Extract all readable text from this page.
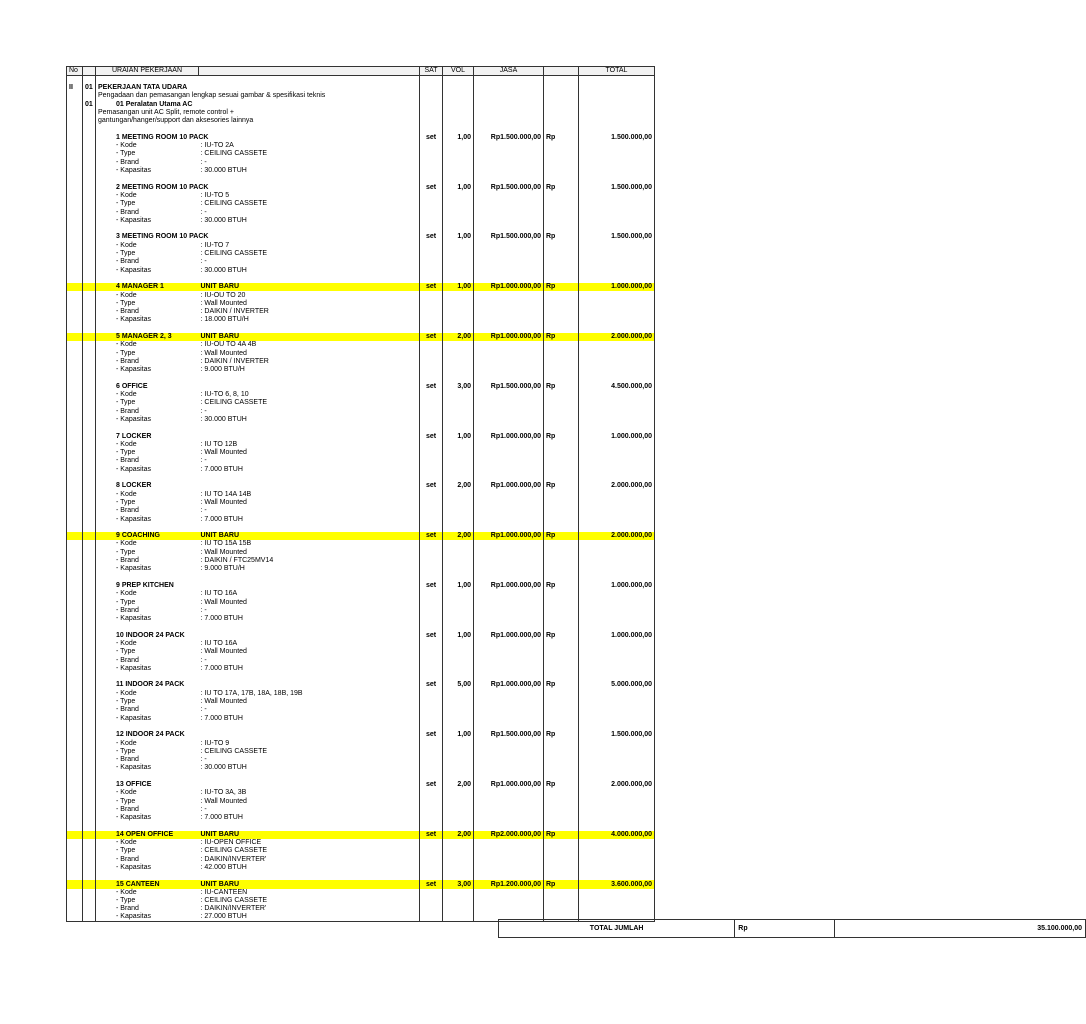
No		URAIAN PEKERJAAN		SAT	VOL	JASA		TOTAL

II	01	PEKERJAAN TATA UDARA						
		Pengadaan dan pemasangan lengkap sesuai gambar & spesifikasi teknis						
	01	01 Peralatan Utama AC						
		Pemasangan unit AC Split, remote control +						
		gantungan/hanger/support dan aksesories lainnya						

		1 MEETING ROOM 10 PACK		set	1,00	Rp1.500.000,00	Rp	1.500.000,00
		- Kode	: IU-TO 2A					
		- Type	: CEILING CASSETE					
		- Brand	: -					
		- Kapasitas	: 30.000 BTUH					

		2 MEETING ROOM 10 PACK		set	1,00	Rp1.500.000,00	Rp	1.500.000,00
		- Kode	: IU-TO 5					
		- Type	: CEILING CASSETE					
		- Brand	: -					
		- Kapasitas	: 30.000 BTUH					

		3 MEETING ROOM 10 PACK		set	1,00	Rp1.500.000,00	Rp	1.500.000,00
		- Kode	: IU-TO 7					
		- Type	: CEILING CASSETE					
		- Brand	: -					
		- Kapasitas	: 30.000 BTUH					

		4 MANAGER 1	UNIT BARU	set	1,00	Rp1.000.000,00	Rp	1.000.000,00
		- Kode	: IU-OU TO 20					
		- Type	: Wall Mounted					
		- Brand	: DAIKIN / INVERTER					
		- Kapasitas	: 18.000 BTU/H					

		5 MANAGER 2, 3	UNIT BARU	set	2,00	Rp1.000.000,00	Rp	2.000.000,00
		- Kode	: IU-OU TO 4A 4B					
		- Type	: Wall Mounted					
		- Brand	: DAIKIN / INVERTER					
		- Kapasitas	: 9.000 BTU/H					

		6 OFFICE		set	3,00	Rp1.500.000,00	Rp	4.500.000,00
		- Kode	: IU-TO 6, 8, 10					
		- Type	: CEILING CASSETE					
		- Brand	: -					
		- Kapasitas	: 30.000 BTUH					

		7 LOCKER		set	1,00	Rp1.000.000,00	Rp	1.000.000,00
		- Kode	: IU TO 12B					
		- Type	: Wall Mounted					
		- Brand	: -					
		- Kapasitas	: 7.000 BTUH					

		8 LOCKER		set	2,00	Rp1.000.000,00	Rp	2.000.000,00
		- Kode	: IU TO 14A 14B					
		- Type	: Wall Mounted					
		- Brand	: -					
		- Kapasitas	: 7.000 BTUH					

		9 COACHING	UNIT BARU	set	2,00	Rp1.000.000,00	Rp	2.000.000,00
		- Kode	: IU TO 15A 15B					
		- Type	: Wall Mounted					
		- Brand	: DAIKIN / FTC25MV14					
		- Kapasitas	: 9.000 BTU/H					

		9 PREP KITCHEN		set	1,00	Rp1.000.000,00	Rp	1.000.000,00
		- Kode	: IU TO 16A					
		- Type	: Wall Mounted					
		- Brand	: -					
		- Kapasitas	: 7.000 BTUH					

		10 INDOOR 24 PACK		set	1,00	Rp1.000.000,00	Rp	1.000.000,00
		- Kode	: IU TO 16A					
		- Type	: Wall Mounted					
		- Brand	: -					
		- Kapasitas	: 7.000 BTUH					

		11 INDOOR 24 PACK		set	5,00	Rp1.000.000,00	Rp	5.000.000,00
		- Kode	: IU TO 17A, 17B, 18A, 18B, 19B					
		- Type	: Wall Mounted					
		- Brand	: -					
		- Kapasitas	: 7.000 BTUH					

		12 INDOOR 24 PACK		set	1,00	Rp1.500.000,00	Rp	1.500.000,00
		- Kode	: IU-TO 9					
		- Type	: CEILING CASSETE					
		- Brand	: -					
		- Kapasitas	: 30.000 BTUH					

		13 OFFICE		set	2,00	Rp1.000.000,00	Rp	2.000.000,00
		- Kode	: IU-TO 3A, 3B					
		- Type	: Wall Mounted					
		- Brand	: -					
		- Kapasitas	: 7.000 BTUH					

		14 OPEN OFFICE	UNIT BARU	set	2,00	Rp2.000.000,00	Rp	4.000.000,00
		- Kode	: IU-OPEN OFFICE					
		- Type	: CEILING CASSETE					
		- Brand	: DAIKIN/INVERTER'					
		- Kapasitas	: 42.000 BTUH					

		15 CANTEEN	UNIT BARU	set	3,00	Rp1.200.000,00	Rp	3.600.000,00
		- Kode	: IU-CANTEEN					
		- Type	: CEILING CASSETE					
		- Brand	: DAIKIN/INVERTER'					
		- Kapasitas	: 27.000 BTUH					
TOTAL JUMLAH	Rp	35.100.000,00
